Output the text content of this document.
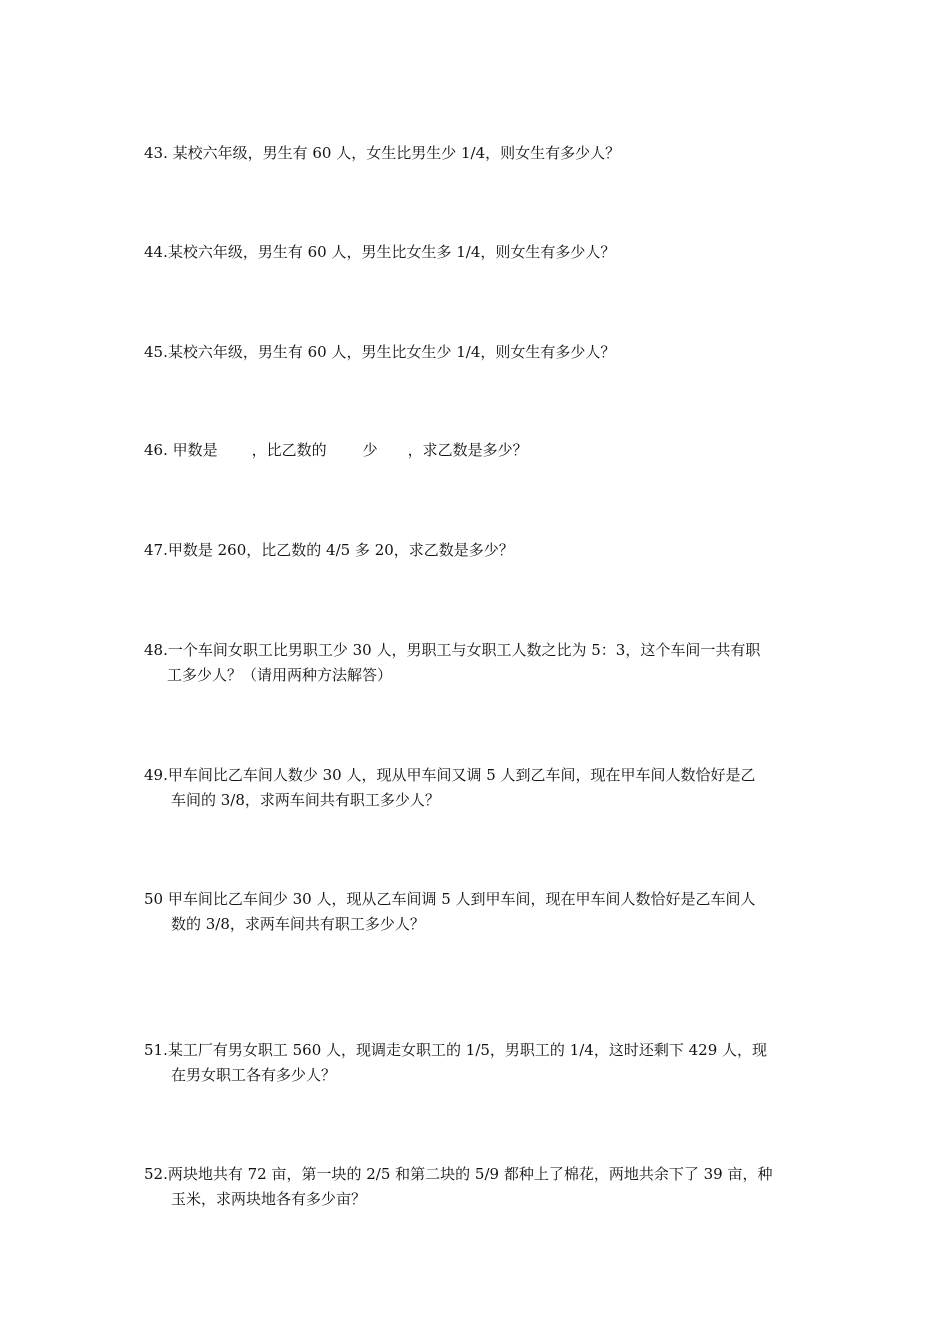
43. 某校六年级，男生有 60 人，女生比男生少 1/4，则女生有多少人？
44.某校六年级，男生有 60 人，男生比女生多 1/4，则女生有多少人？
45.某校六年级，男生有 60 人，男生比女生少 1/4，则女生有多少人？
46. 甲数是 ，比乙数的 少 ，求乙数是多少？
47.甲数是 260，比乙数的 4/5 多 20，求乙数是多少？
48.一个车间女职工比男职工少 30 人，男职工与女职工人数之比为 5：3，这个车间一共有职
工多少人？（请用两种方法解答）
49.甲车间比乙车间人数少 30 人，现从甲车间又调 5 人到乙车间，现在甲车间人数恰好是乙
车间的 3/8，求两车间共有职工多少人？
50 甲车间比乙车间少 30 人，现从乙车间调 5 人到甲车间，现在甲车间人数恰好是乙车间人
数的 3/8，求两车间共有职工多少人？
51.某工厂有男女职工 560 人，现调走女职工的 1/5，男职工的 1/4，这时还剩下 429 人，现
在男女职工各有多少人？
52.两块地共有 72 亩，第一块的 2/5 和第二块的 5/9 都种上了棉花，两地共余下了 39 亩，种
玉米，求两块地各有多少亩？
